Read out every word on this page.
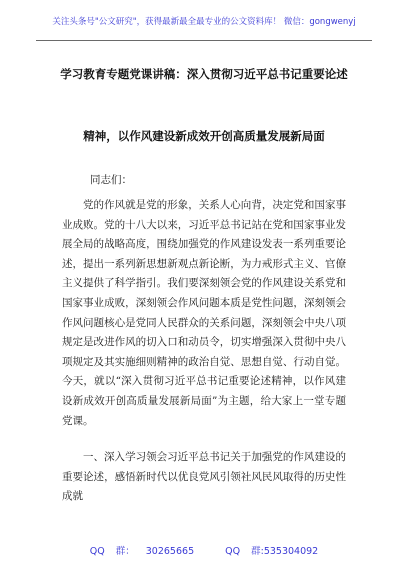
关注头条号"公文研究"，获得最新最全最专业的公文资料库！ 微信：gongwenyj
学习教育专题党课讲稿：深入贯彻习近平总书记重要论述
精神，以作风建设新成效开创高质量发展新局面
同志们：

党的作风就是党的形象，关系人心向背，决定党和国家事业成败。党的十八大以来，习近平总书记站在党和国家事业发展全局的战略高度，围绕加强党的作风建设发表一系列重要论述，提出一系列新思想新观点新论断，为力戒形式主义、官僚主义提供了科学指引。我们要深刻领会党的作风建设关系党和国家事业成败，深刻领会作风问题本质是党性问题，深刻领会作风问题核心是党同人民群众的关系问题，深刻领会中央八项规定是改进作风的切入口和动员令，切实增强深入贯彻中央八项规定及其实施细则精神的政治自觉、思想自觉、行动自觉。今天，就以“深入贯彻习近平总书记重要论述精神，以作风建设新成效开创高质量发展新局面”为主题，给大家上一堂专题党课。

一、深入学习领会习近平总书记关于加强党的作风建设的重要论述，感悟新时代以优良党风引领社风民风取得的历史性成就

QQ 群： 30265665	QQ 群:535304092
